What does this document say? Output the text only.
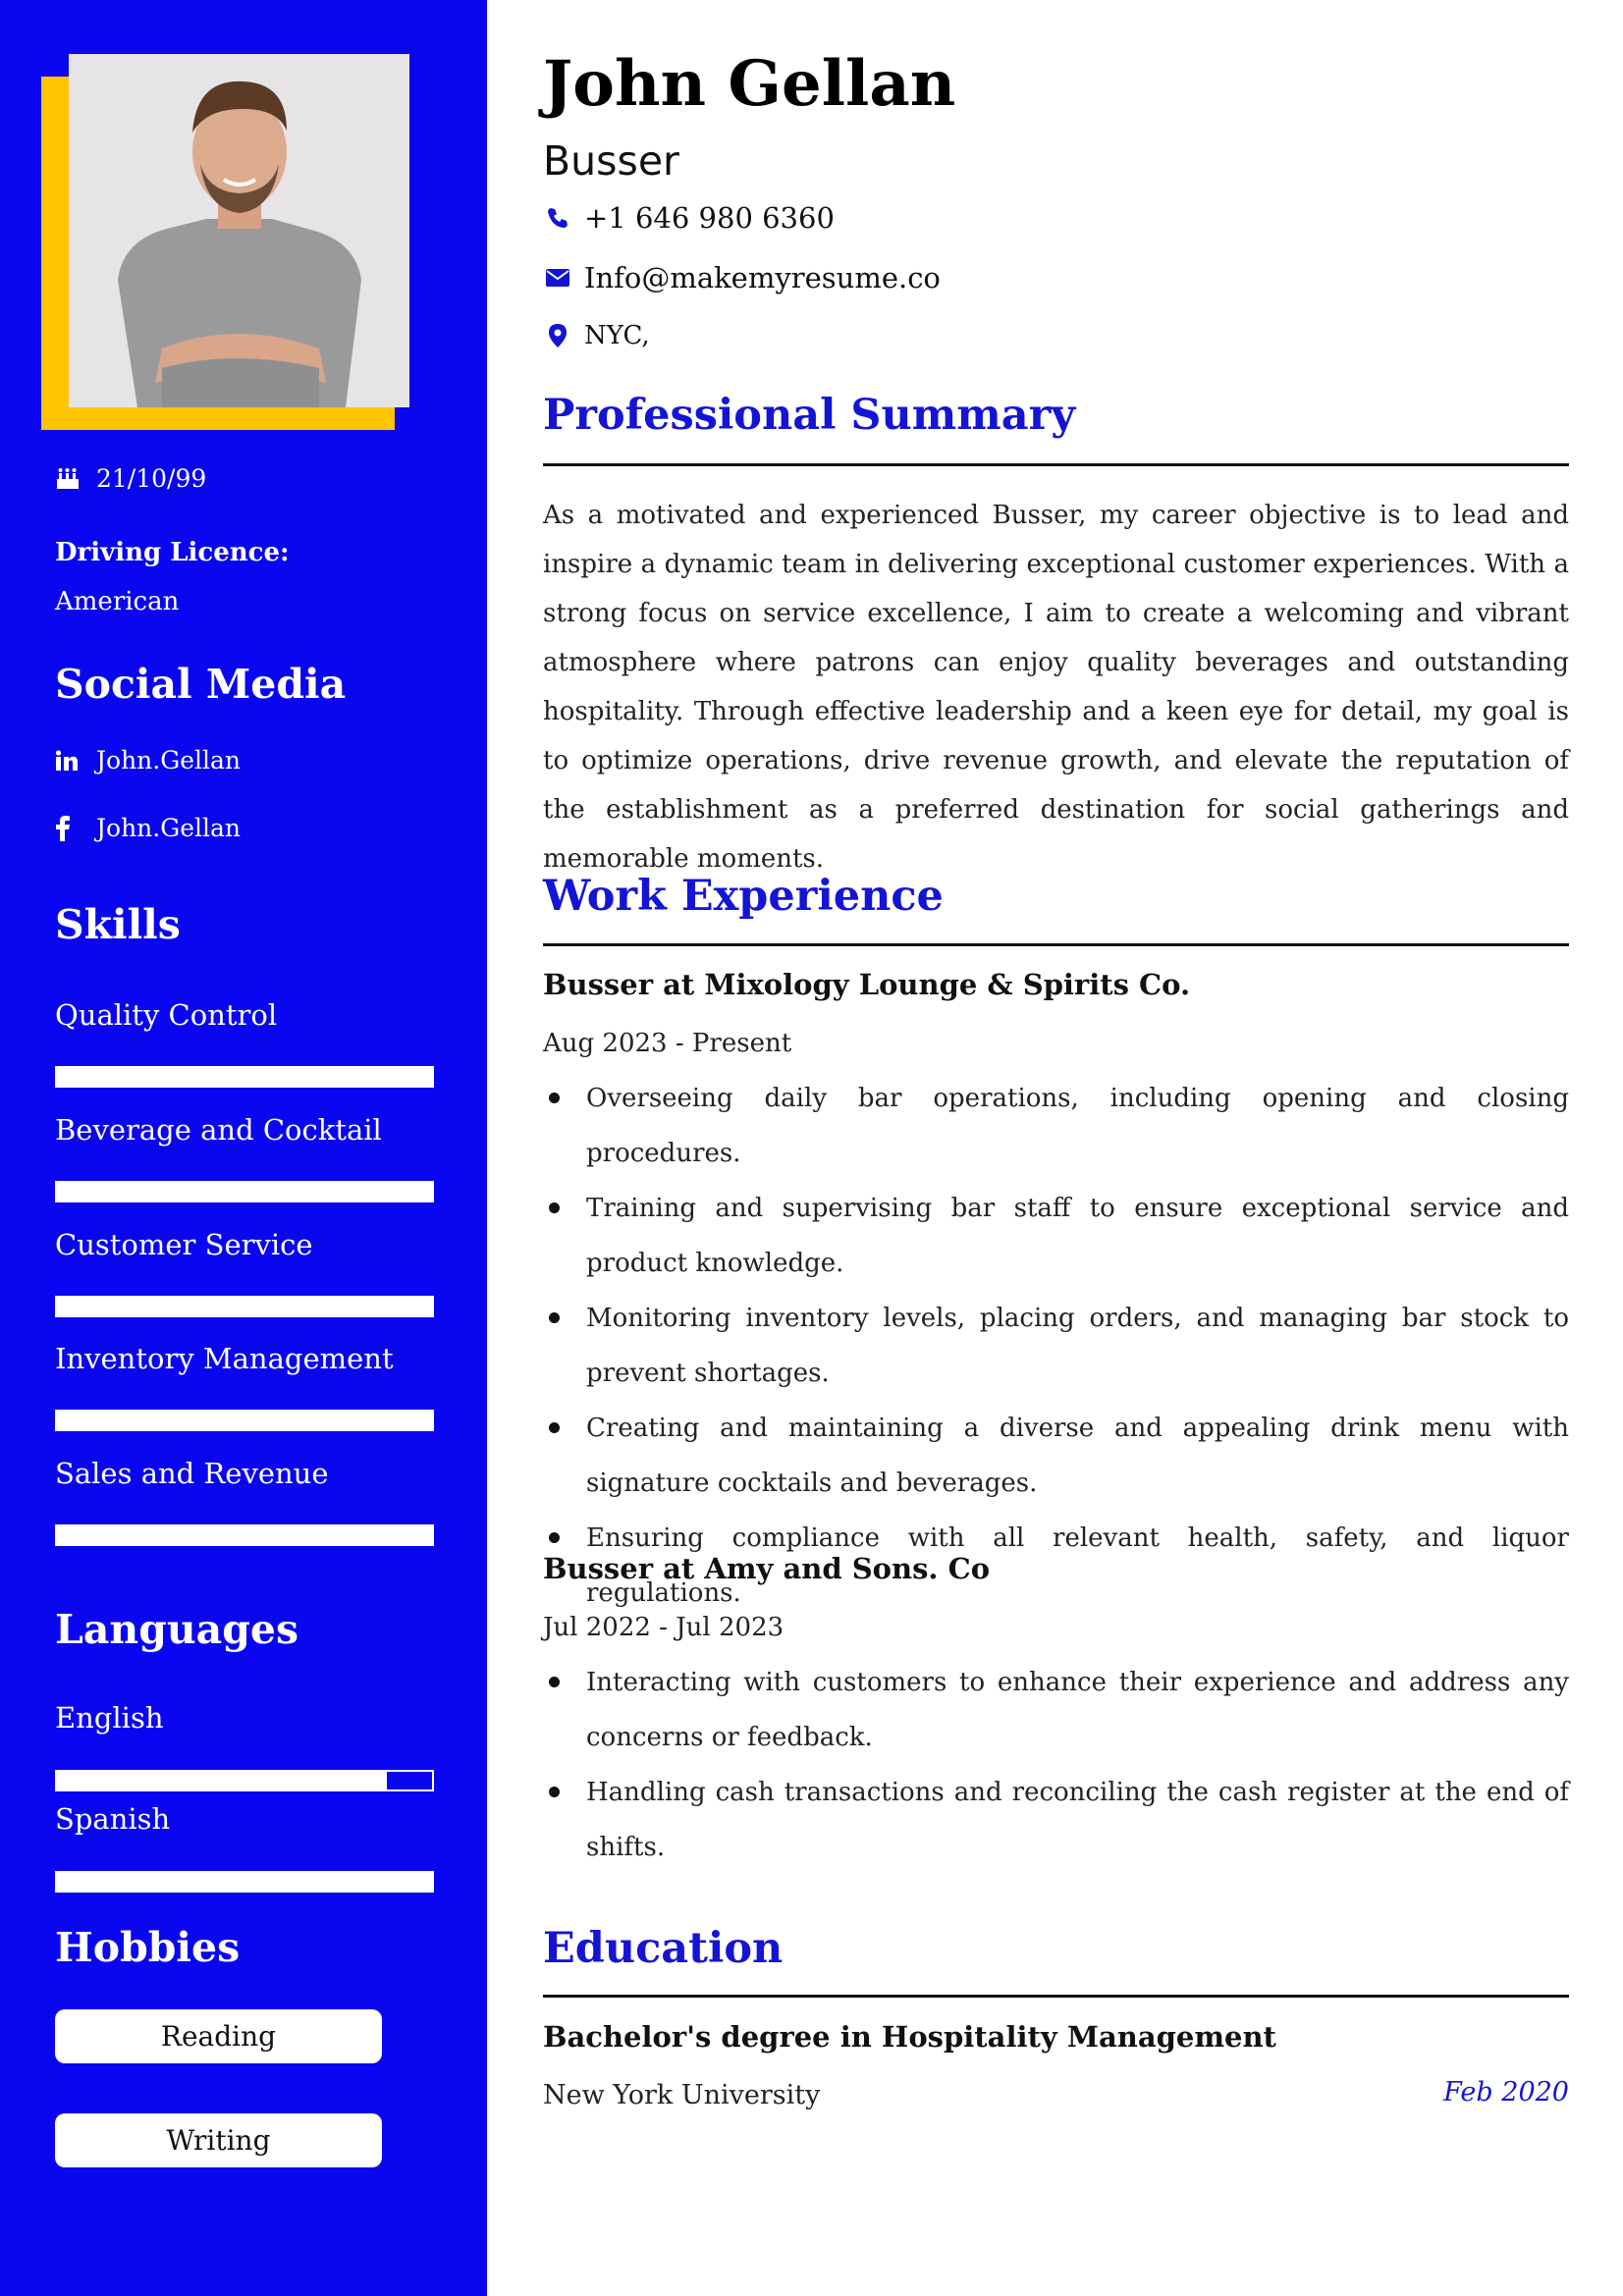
21/10/99
Driving Licence:
American
Social Media
John.Gellan
John.Gellan
Skills
Quality Control
Beverage and Cocktail
Customer Service
Inventory Management
Sales and Revenue
Languages
English
Spanish
Hobbies
Reading
Writing
John Gellan
Busser
+1 646 980 6360
Info@makemyresume.co
NYC,
Professional Summary
As a motivated and experienced Busser, my career objective is to lead and inspire a dynamic team in delivering exceptional customer experiences. With a strong focus on service excellence, I aim to create a welcoming and vibrant atmosphere where patrons can enjoy quality beverages and outstanding hospitality. Through effective leadership and a keen eye for detail, my goal is to optimize operations, drive revenue growth, and elevate the reputation of the establishment as a preferred destination for social gatherings and memorable moments.
Work Experience
Busser at Mixology Lounge & Spirits Co.
Aug 2023 - Present
Overseeing daily bar operations, including opening and closing procedures.
Training and supervising bar staff to ensure exceptional service and product knowledge.
Monitoring inventory levels, placing orders, and managing bar stock to prevent shortages.
Creating and maintaining a diverse and appealing drink menu with signature cocktails and beverages.
Ensuring compliance with all relevant health, safety, and liquor regulations.
Busser at Amy and Sons. Co
Jul 2022 - Jul 2023
Interacting with customers to enhance their experience and address any concerns or feedback.
Handling cash transactions and reconciling the cash register at the end of shifts.
Education
Bachelor's degree in Hospitality Management
New York University	Feb 2020
